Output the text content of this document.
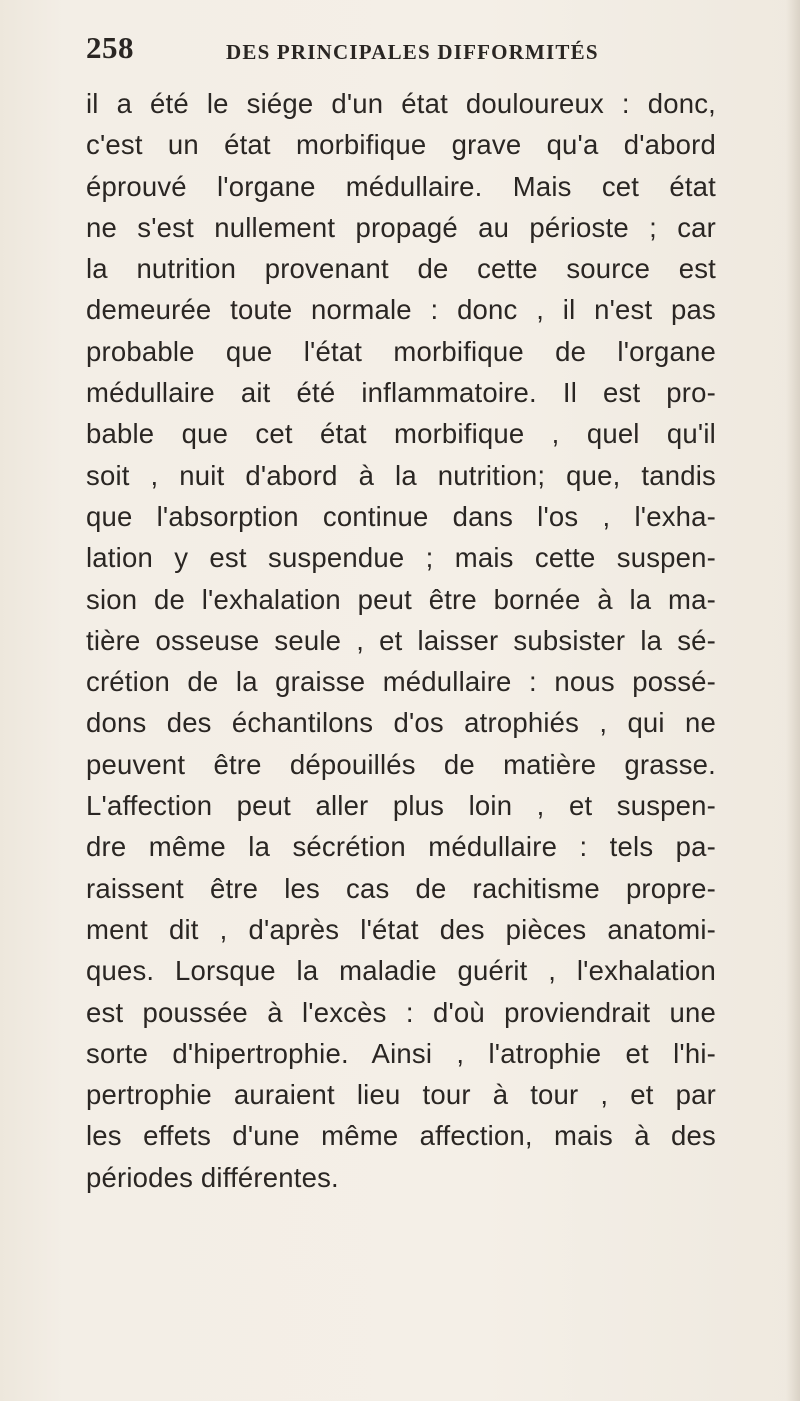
258	DES PRINCIPALES DIFFORMITÉS
il a été le siége d'un état douloureux : donc,
c'est un état morbifique grave qu'a d'abord
éprouvé l'organe médullaire. Mais cet état
ne s'est nullement propagé au périoste ; car
la nutrition provenant de cette source est
demeurée toute normale : donc , il n'est pas
probable que l'état morbifique de l'organe
médullaire ait été inflammatoire. Il est pro-
bable que cet état morbifique , quel qu'il
soit , nuit d'abord à la nutrition; que, tandis
que l'absorption continue dans l'os , l'exha-
lation y est suspendue ; mais cette suspen-
sion de l'exhalation peut être bornée à la ma-
tière osseuse seule , et laisser subsister la sé-
crétion de la graisse médullaire : nous possé-
dons des échantilons d'os atrophiés , qui ne
peuvent être dépouillés de matière grasse.
L'affection peut aller plus loin , et suspen-
dre même la sécrétion médullaire : tels pa-
raissent être les cas de rachitisme propre-
ment dit , d'après l'état des pièces anatomi-
ques. Lorsque la maladie guérit , l'exhalation
est poussée à l'excès : d'où proviendrait une
sorte d'hipertrophie. Ainsi , l'atrophie et l'hi-
pertrophie auraient lieu tour à tour , et par
les effets d'une même affection, mais à des
périodes différentes.
